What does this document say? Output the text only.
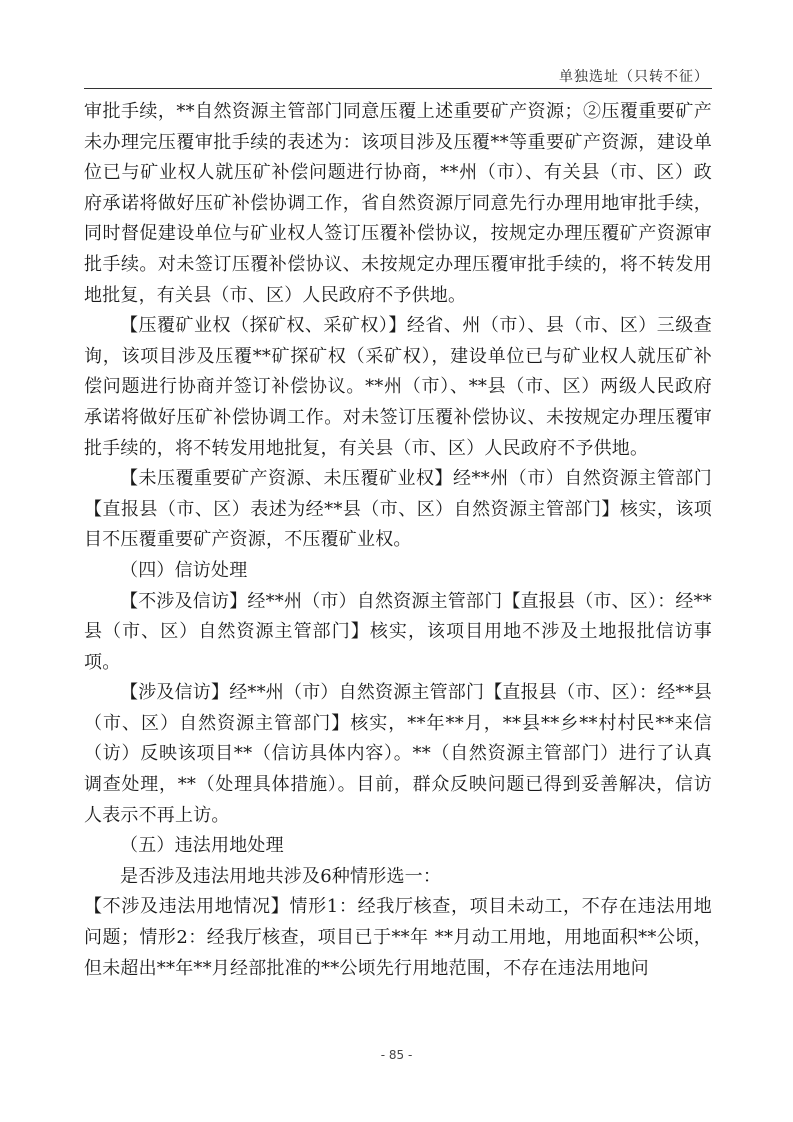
单独选址（只转不征）

审批手续，**自然资源主管部门同意压覆上述重要矿产资源；②压覆重要矿产未办理完压覆审批手续的表述为：该项目涉及压覆**等重要矿产资源，建设单位已与矿业权人就压矿补偿问题进行协商，**州（市）、有关县（市、区）政府承诺将做好压矿补偿协调工作，省自然资源厅同意先行办理用地审批手续，同时督促建设单位与矿业权人签订压覆补偿协议，按规定办理压覆矿产资源审批手续。对未签订压覆补偿协议、未按规定办理压覆审批手续的，将不转发用地批复，有关县（市、区）人民政府不予供地。

【压覆矿业权（探矿权、采矿权）】经省、州（市）、县（市、区）三级查询，该项目涉及压覆**矿探矿权（采矿权），建设单位已与矿业权人就压矿补偿问题进行协商并签订补偿协议。**州（市）、**县（市、区）两级人民政府承诺将做好压矿补偿协调工作。对未签订压覆补偿协议、未按规定办理压覆审批手续的，将不转发用地批复，有关县（市、区）人民政府不予供地。

【未压覆重要矿产资源、未压覆矿业权】经**州（市）自然资源主管部门【直报县（市、区）表述为经**县（市、区）自然资源主管部门】核实，该项目不压覆重要矿产资源，不压覆矿业权。

（四）信访处理

【不涉及信访】经**州（市）自然资源主管部门【直报县（市、区）：经**县（市、区）自然资源主管部门】核实，该项目用地不涉及土地报批信访事项。

【涉及信访】经**州（市）自然资源主管部门【直报县（市、区）：经**县（市、区）自然资源主管部门】核实，**年**月，**县**乡**村村民**来信（访）反映该项目**（信访具体内容）。**（自然资源主管部门）进行了认真调查处理，**（处理具体措施）。目前，群众反映问题已得到妥善解决，信访人表示不再上访。

（五）违法用地处理

是否涉及违法用地共涉及6种情形选一：

【不涉及违法用地情况】情形1：经我厅核查，项目未动工，不存在违法用地问题；情形2：经我厅核查，项目已于**年 **月动工用地，用地面积**公顷，但未超出**年**月经部批准的**公顷先行用地范围，不存在违法用地问

- 85 -
